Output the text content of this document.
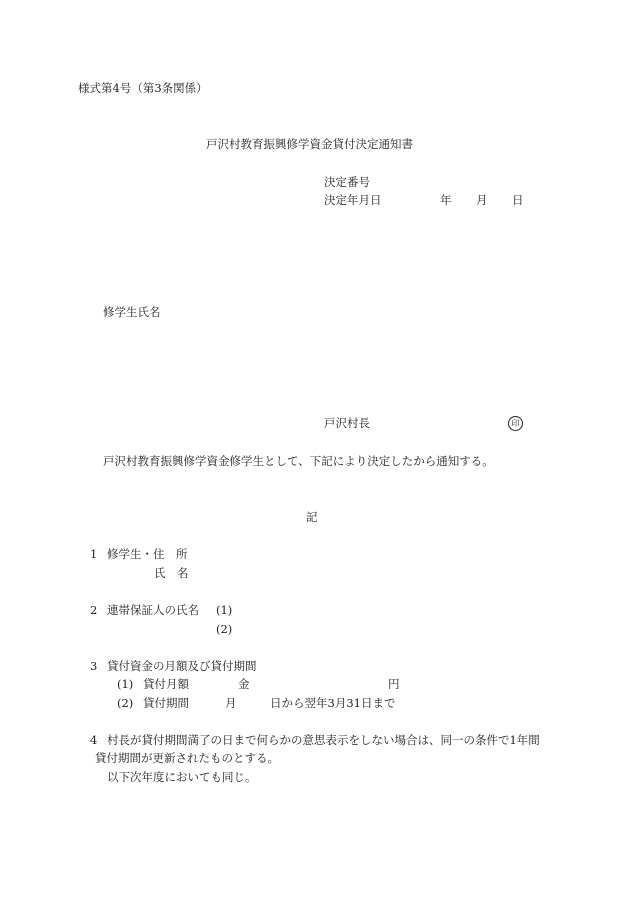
様式第4号（第3条関係）
戸沢村教育振興修学資金貸付決定通知書
決定番号
決定年月日	年 月 日
修学生氏名
戸沢村長	印
戸沢村教育振興修学資金修学生として、下記により決定したから通知する。
記
1 修学生・住　所
氏　名
2 連帯保証人の氏名 (1)
(2)
3 貸付資金の月額及び貸付期間
(1) 貸付月額	金	円
(2) 貸付期間	月	日から翌年3月31日まで
4 村長が貸付期間満了の日まで何らかの意思表示をしない場合は、同一の条件で1年間
貸付期間が更新されたものとする。
以下次年度においても同じ。
